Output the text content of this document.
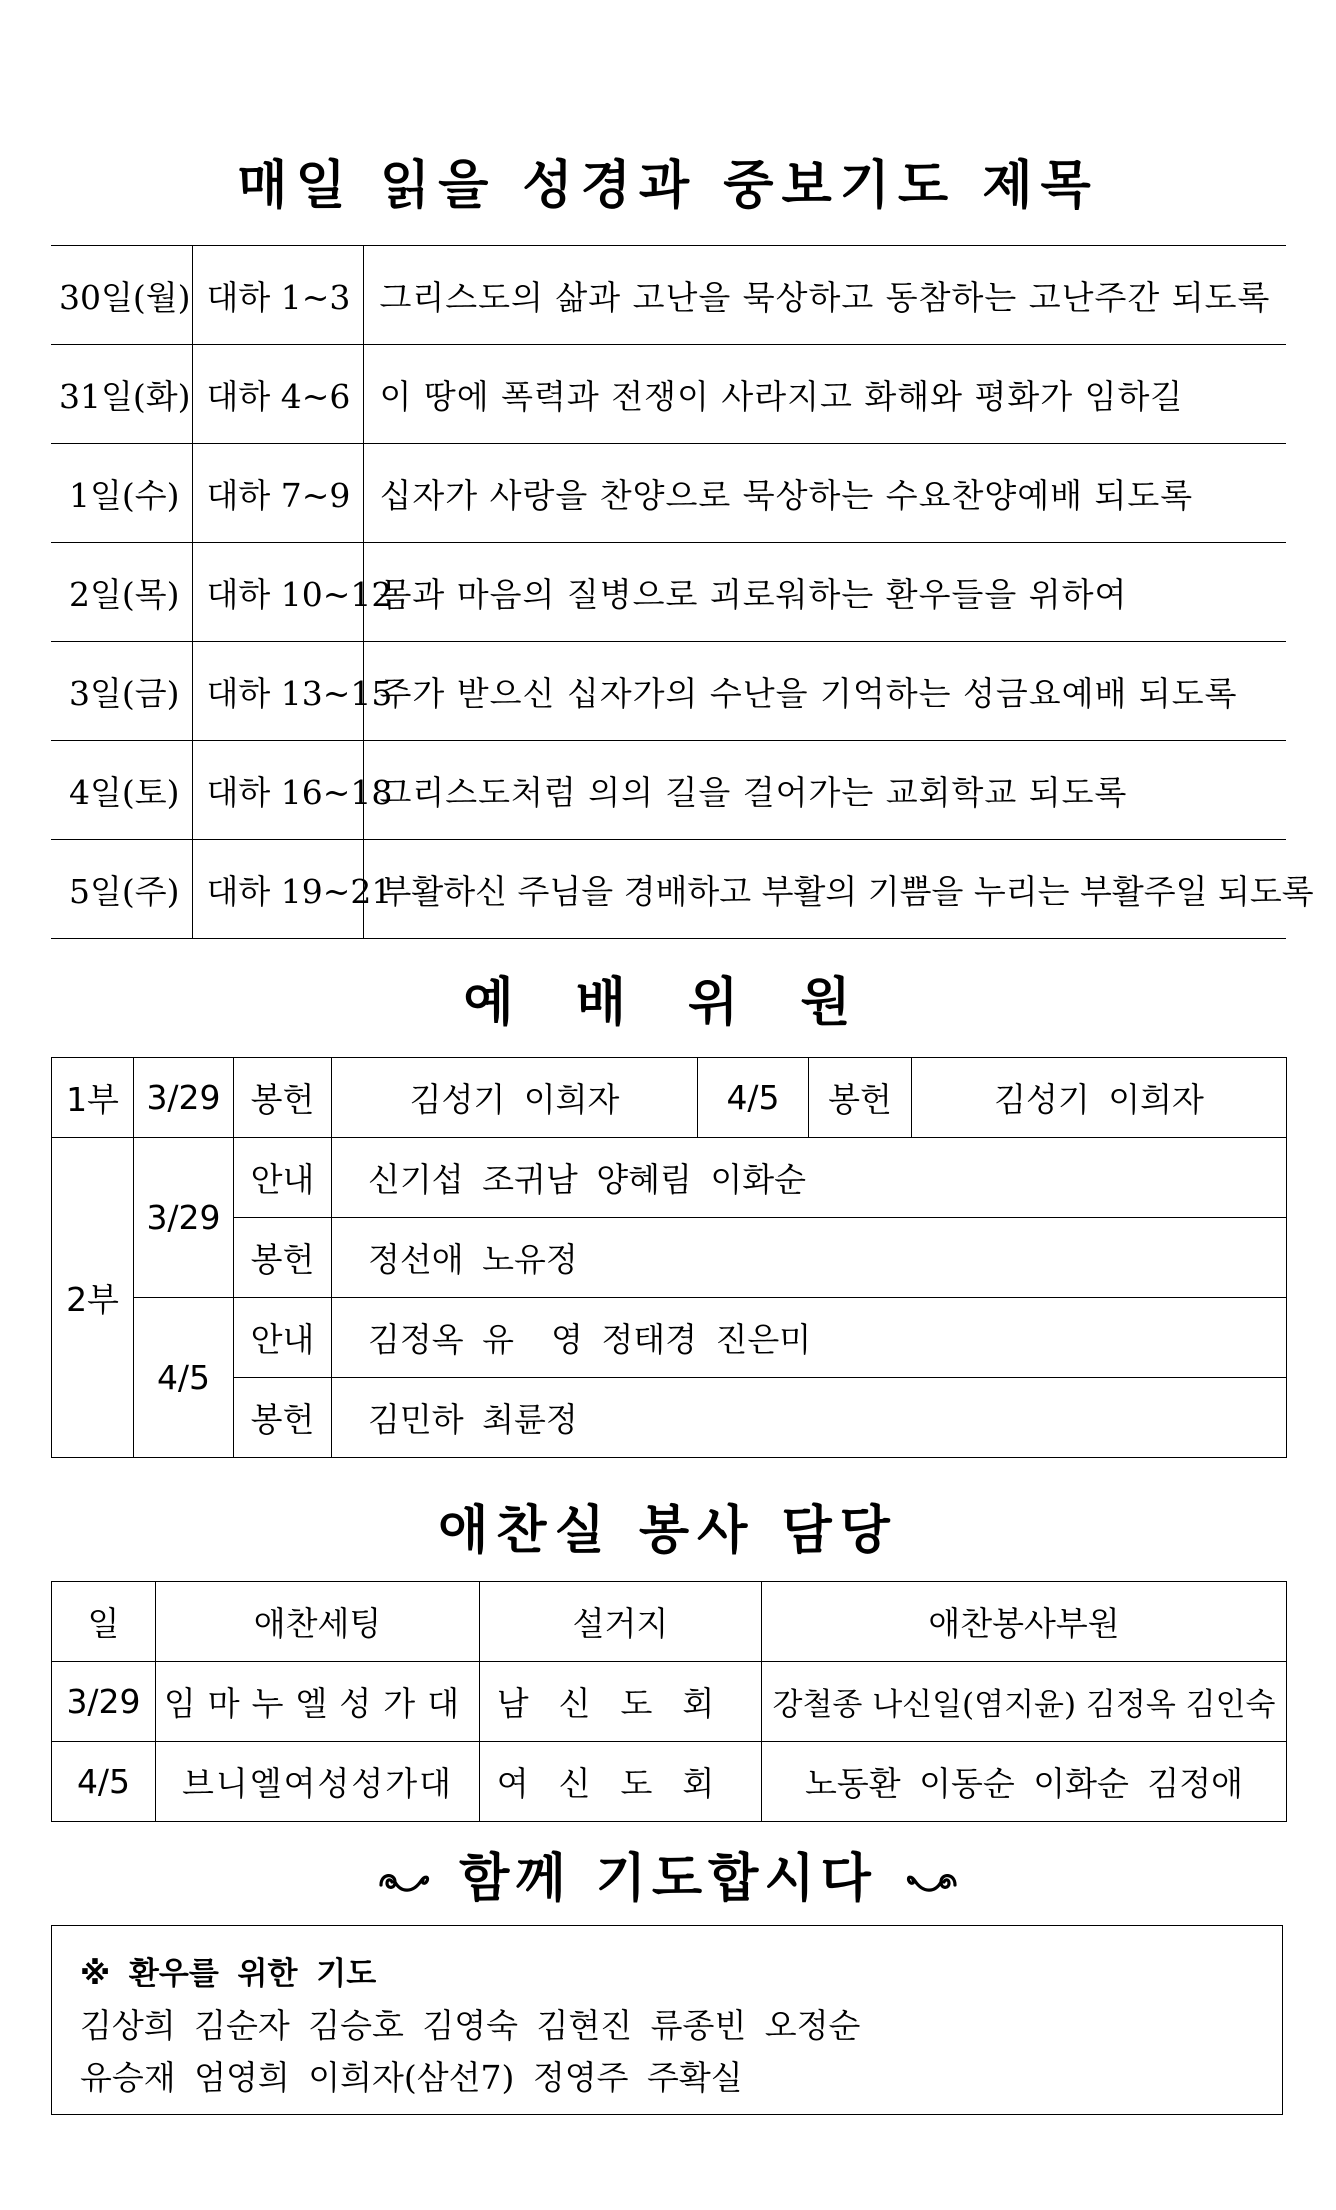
매일 읽을 성경과 중보기도 제목
30일(월)	대하 1~3	그리스도의 삶과 고난을 묵상하고 동참하는 고난주간 되도록
31일(화)	대하 4~6	이 땅에 폭력과 전쟁이 사라지고 화해와 평화가 임하길
1일(수)	대하 7~9	십자가 사랑을 찬양으로 묵상하는 수요찬양예배 되도록
2일(목)	대하 10~12	몸과 마음의 질병으로 괴로워하는 환우들을 위하여
3일(금)	대하 13~15	주가 받으신 십자가의 수난을 기억하는 성금요예배 되도록
4일(토)	대하 16~18	그리스도처럼 의의 길을 걸어가는 교회학교 되도록
5일(주)	대하 19~21	부활하신 주님을 경배하고 부활의 기쁨을 누리는 부활주일 되도록
예 배 위 원
1부	3/29	봉헌	김성기 이희자	4/5	봉헌	김성기 이희자
2부	3/29	안내	신기섭 조귀남 양혜림 이화순			
		봉헌	정선애 노유정			
	4/5	안내	김정옥 유  영 정태경 진은미			
		봉헌	김민하 최륜정			
애찬실 봉사 담당
일	애찬세팅	설거지	애찬봉사부원
3/29	임마누엘성가대	남신도회	강철종 나신일(염지윤) 김정옥 김인숙
4/5	브니엘여성성가대	여신도회	노동환 이동순 이화순 김정애
함께 기도합시다
※ 환우를 위한 기도
김상희 김순자 김승호 김영숙 김현진 류종빈 오정순
유승재 엄영희 이희자(삼선7) 정영주 주확실
